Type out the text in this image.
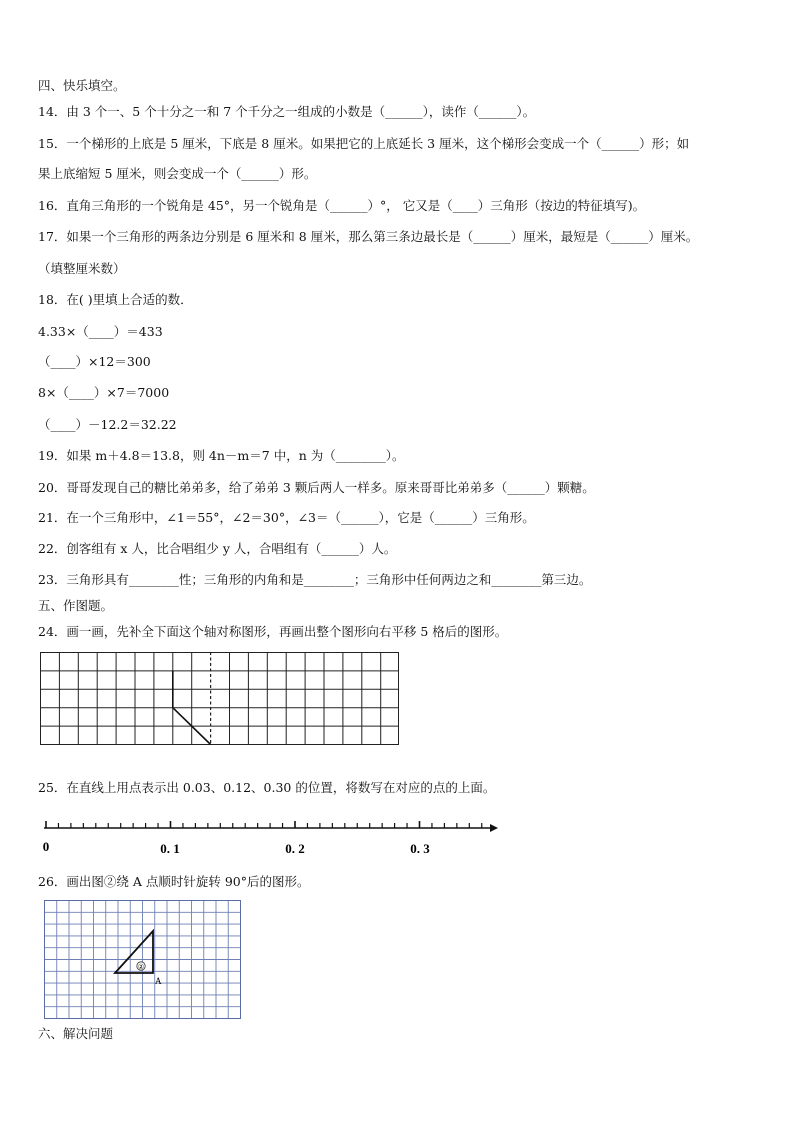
四、快乐填空。
14．由 3 个一、5 个十分之一和 7 个千分之一组成的小数是（______），读作（______）。
15．一个梯形的上底是 5 厘米，下底是 8 厘米。如果把它的上底延长 3 厘米，这个梯形会变成一个（______）形；如
果上底缩短 5 厘米，则会变成一个（______）形。
16．直角三角形的一个锐角是 45°，另一个锐角是（______）°， 它又是（____）三角形（按边的特征填写)。
17．如果一个三角形的两条边分别是 6 厘米和 8 厘米，那么第三条边最长是（______）厘米，最短是（______）厘米。
（填整厘米数）
18．在( )里填上合适的数．
4.33×（____）＝433
（____）×12＝300
8×（____）×7＝7000
（____）－12.2＝32.22
19．如果 m＋4.8＝13.8，则 4n－m＝7 中，n 为（________）。
20．哥哥发现自己的糖比弟弟多，给了弟弟 3 颗后两人一样多。原来哥哥比弟弟多（______）颗糖。
21．在一个三角形中，∠1＝55°，∠2＝30°，∠3＝（______），它是（______）三角形。
22．创客组有 x 人，比合唱组少 y 人，合唱组有（______）人。
23．三角形具有________性；三角形的内角和是________；三角形中任何两边之和________第三边。
五、作图题。
24．画一画，先补全下面这个轴对称图形，再画出整个图形向右平移 5 格后的图形。
25．在直线上用点表示出 0.03、0.12、0.30 的位置，将数写在对应的点的上面。
0	0. 1	0. 2	0. 3
26．画出图②绕 A 点顺时针旋转 90°后的图形。
②
A
六、解决问题
